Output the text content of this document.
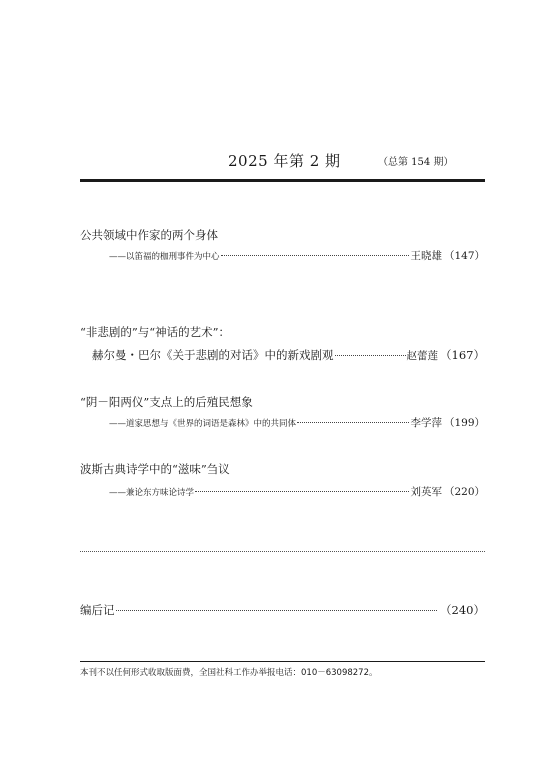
2025 年第 2 期	（总第 154 期）
公共领域中作家的两个身体
——以笛福的枷刑事件为中心	王晓雄 （147）
“非悲剧的”与“神话的艺术”：
赫尔曼・巴尔《关于悲剧的对话》中的新戏剧观	赵蕾莲 （167）
“阴－阳两仪”支点上的后殖民想象
——道家思想与《世界的词语是森林》中的共同体	李学萍 （199）
波斯古典诗学中的“滋味”刍议
——兼论东方味论诗学	刘英军 （220）
编后记	（240）
本刊不以任何形式收取版面费，全国社科工作办举报电话：010－63098272。
